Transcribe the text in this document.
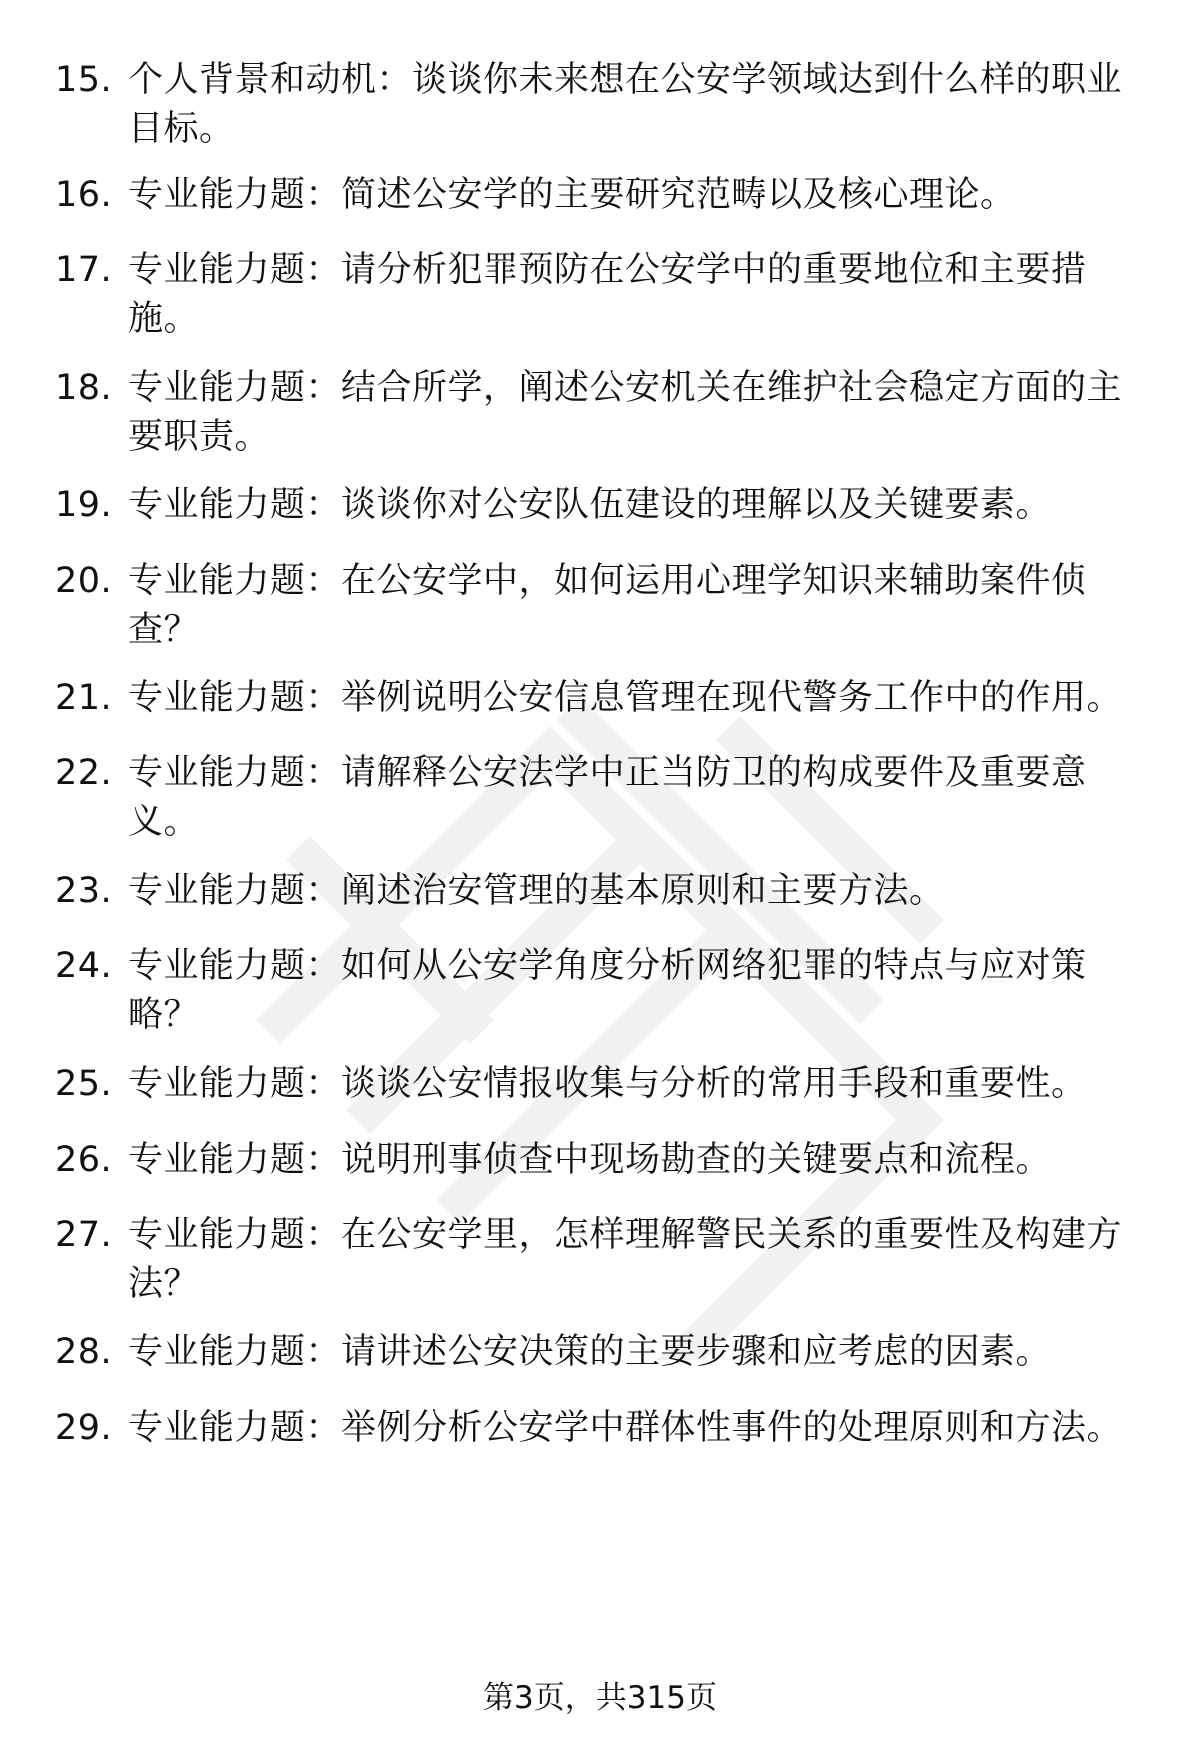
15. 个人背景和动机：谈谈你未来想在公安学领域达到什么样的职业目标。
16. 专业能力题：简述公安学的主要研究范畴以及核心理论。
17. 专业能力题：请分析犯罪预防在公安学中的重要地位和主要措施。
18. 专业能力题：结合所学，阐述公安机关在维护社会稳定方面的主要职责。
19. 专业能力题：谈谈你对公安队伍建设的理解以及关键要素。
20. 专业能力题：在公安学中，如何运用心理学知识来辅助案件侦查？
21. 专业能力题：举例说明公安信息管理在现代警务工作中的作用。
22. 专业能力题：请解释公安法学中正当防卫的构成要件及重要意义。
23. 专业能力题：阐述治安管理的基本原则和主要方法。
24. 专业能力题：如何从公安学角度分析网络犯罪的特点与应对策略？
25. 专业能力题：谈谈公安情报收集与分析的常用手段和重要性。
26. 专业能力题：说明刑事侦查中现场勘查的关键要点和流程。
27. 专业能力题：在公安学里，怎样理解警民关系的重要性及构建方法？
28. 专业能力题：请讲述公安决策的主要步骤和应考虑的因素。
29. 专业能力题：举例分析公安学中群体性事件的处理原则和方法。
第3页，共315页
